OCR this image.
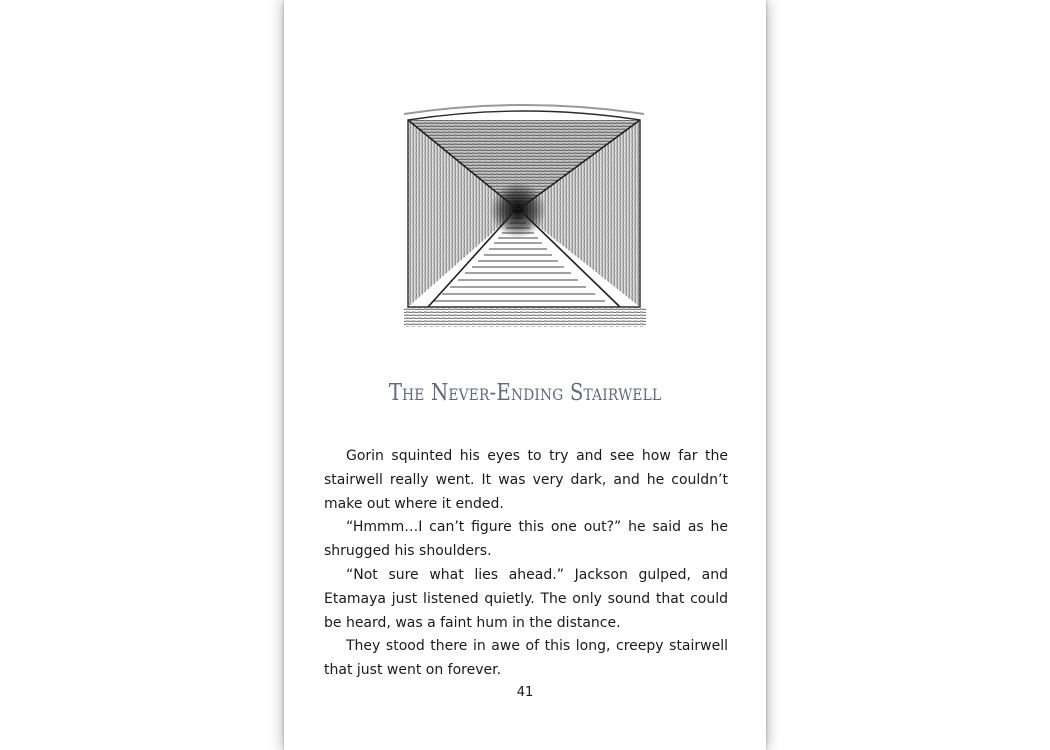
The Never-Ending Stairwell

Gorin squinted his eyes to try and see how far the stairwell really went. It was very dark, and he couldn’t make out where it ended.

“Hmmm…I can’t figure this one out?” he said as he shrugged his shoulders.

“Not sure what lies ahead.” Jackson gulped, and Etamaya just listened quietly. The only sound that could be heard, was a faint hum in the distance.

They stood there in awe of this long, creepy stairwell that just went on forever.

41
